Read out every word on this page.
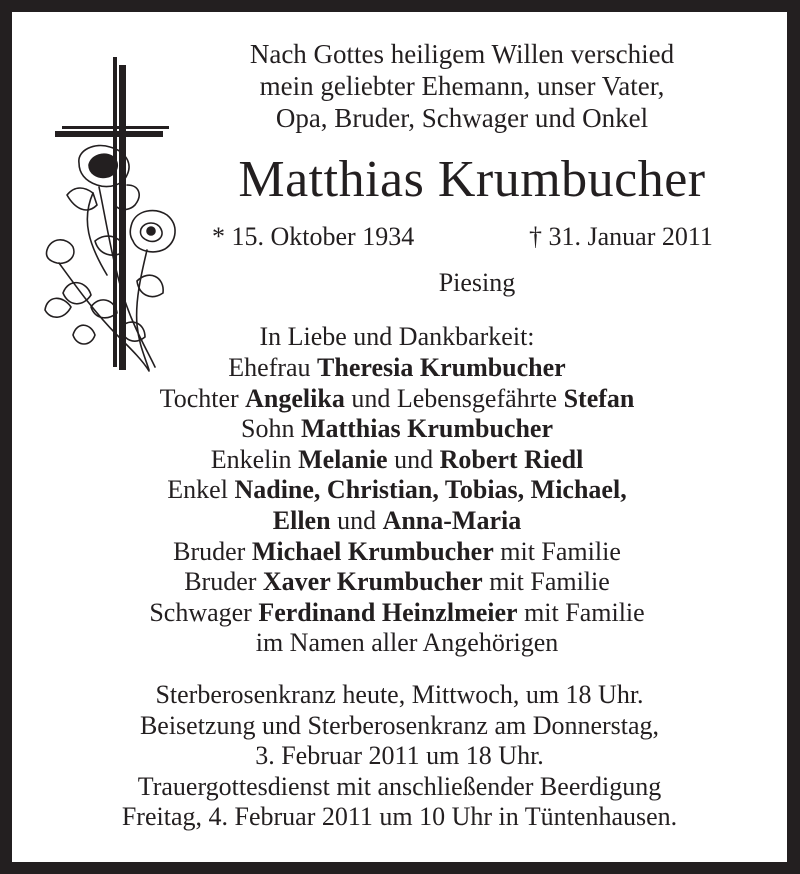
Nach Gottes heiligem Willen verschied
mein geliebter Ehemann, unser Vater,
Opa, Bruder, Schwager und Onkel
Matthias Krumbucher
* 15. Oktober 1934	† 31. Januar 2011
Piesing
In Liebe und Dankbarkeit:
Ehefrau Theresia Krumbucher
Tochter Angelika und Lebensgefährte Stefan
Sohn Matthias Krumbucher
Enkelin Melanie und Robert Riedl
Enkel Nadine, Christian, Tobias, Michael,
Ellen und Anna-Maria
Bruder Michael Krumbucher mit Familie
Bruder Xaver Krumbucher mit Familie
Schwager Ferdinand Heinzlmeier mit Familie
im Namen aller Angehörigen
Sterberosenkranz heute, Mittwoch, um 18 Uhr.
Beisetzung und Sterberosenkranz am Donnerstag,
3. Februar 2011 um 18 Uhr.
Trauergottesdienst mit anschließender Beerdigung
Freitag, 4. Februar 2011 um 10 Uhr in Tüntenhausen.
